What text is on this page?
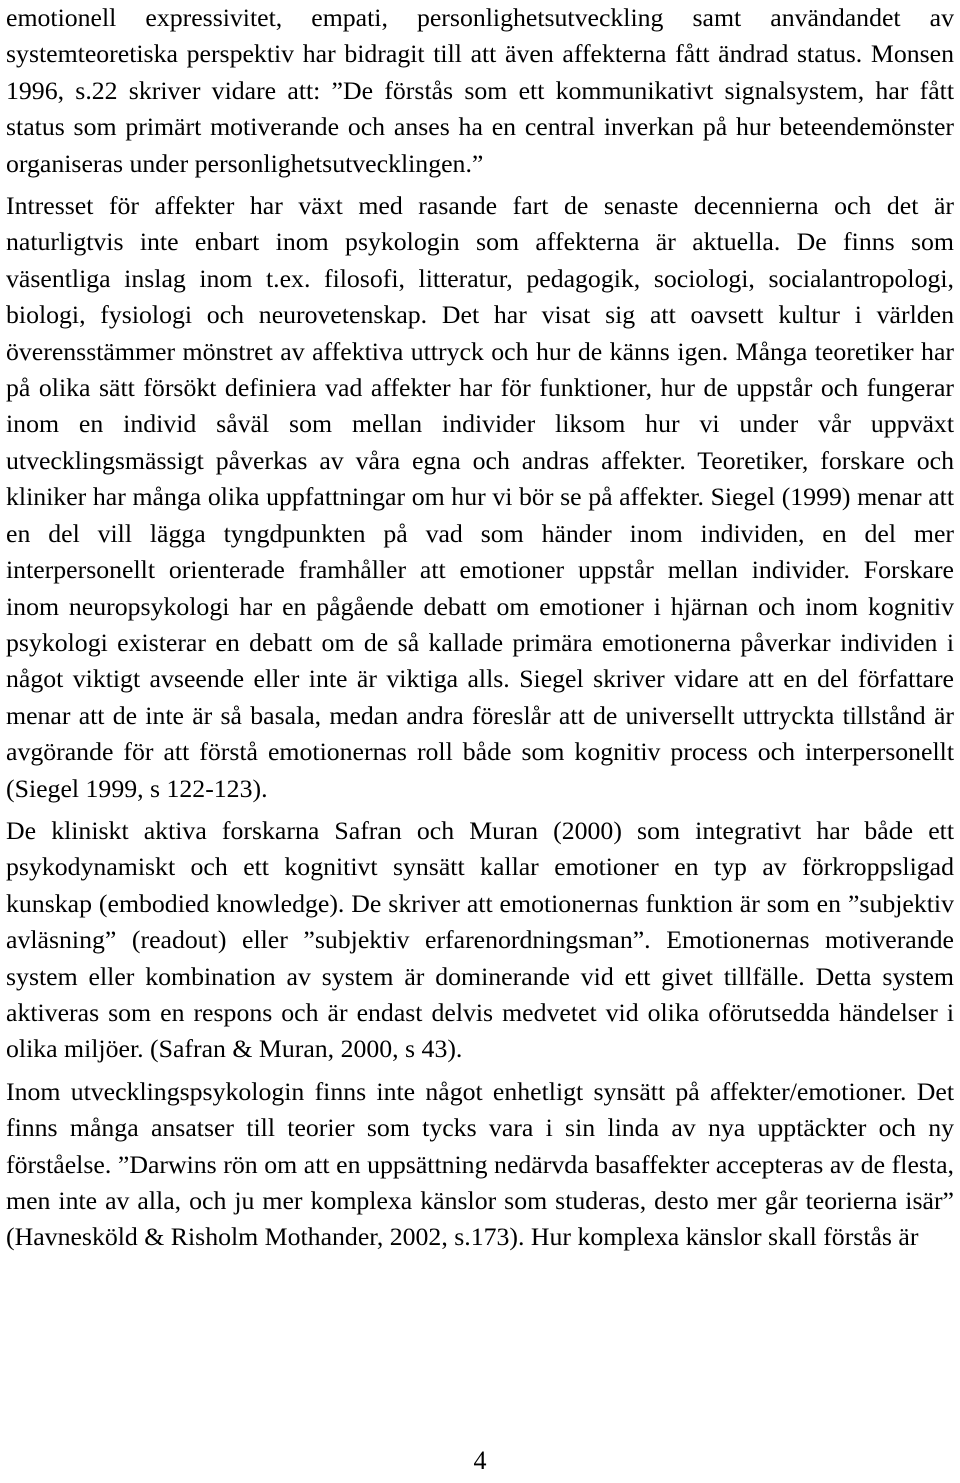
emotionell expressivitet, empati, personlighetsutveckling samt användandet av systemteoretiska perspektiv har bidragit till att även affekterna fått ändrad status. Monsen 1996, s.22 skriver vidare att: ”De förstås som ett kommunikativt signalsystem, har fått status som primärt motiverande och anses ha en central inverkan på hur beteendemönster organiseras under personlighetsutvecklingen.”

Intresset för affekter har växt med rasande fart de senaste decennierna och det är naturligtvis inte enbart inom psykologin som affekterna är aktuella. De finns som väsentliga inslag inom t.ex. filosofi, litteratur, pedagogik, sociologi, socialantropologi, biologi, fysiologi och neurovetenskap. Det har visat sig att oavsett kultur i världen överensstämmer mönstret av affektiva uttryck och hur de känns igen. Många teoretiker har på olika sätt försökt definiera vad affekter har för funktioner, hur de uppstår och fungerar inom en individ såväl som mellan individer liksom hur vi under vår uppväxt utvecklingsmässigt påverkas av våra egna och andras affekter. Teoretiker, forskare och kliniker har många olika uppfattningar om hur vi bör se på affekter. Siegel (1999) menar att en del vill lägga tyngdpunkten på vad som händer inom individen, en del mer interpersonellt orienterade framhåller att emotioner uppstår mellan individer. Forskare inom neuropsykologi har en pågående debatt om emotioner i hjärnan och inom kognitiv psykologi existerar en debatt om de så kallade primära emotionerna påverkar individen i något viktigt avseende eller inte är viktiga alls. Siegel skriver vidare att en del författare menar att de inte är så basala, medan andra föreslår att de universellt uttryckta tillstånd är avgörande för att förstå emotionernas roll både som kognitiv process och interpersonellt (Siegel 1999, s 122-123).

De kliniskt aktiva forskarna Safran och Muran (2000) som integrativt har både ett psykodynamiskt och ett kognitivt synsätt kallar emotioner en typ av förkroppsligad kunskap (embodied knowledge). De skriver att emotionernas funktion är som en ”subjektiv avläsning” (readout) eller ”subjektiv erfarenordningsman”. Emotionernas motiverande system eller kombination av system är dominerande vid ett givet tillfälle. Detta system aktiveras som en respons och är endast delvis medvetet vid olika oförutsedda händelser i olika miljöer. (Safran & Muran, 2000, s 43).

Inom utvecklingspsykologin finns inte något enhetligt synsätt på affekter/emotioner. Det finns många ansatser till teorier som tycks vara i sin linda av nya upptäckter och ny förståelse. ”Darwins rön om att en uppsättning nedärvda basaffekter accepteras av de flesta, men inte av alla, och ju mer komplexa känslor som studeras, desto mer går teorierna isär” (Havnesköld & Risholm Mothander, 2002, s.173). Hur komplexa känslor skall förstås är

4
